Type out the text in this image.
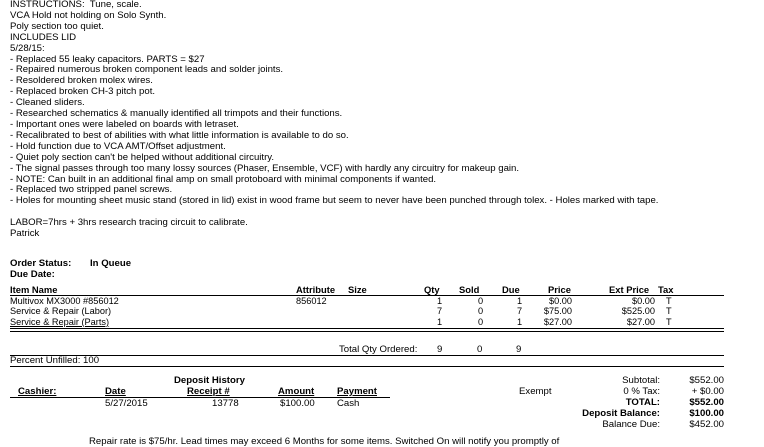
INSTRUCTIONS:  Tune, scale.
VCA Hold not holding on Solo Synth.
Poly section too quiet.
INCLUDES LID
5/28/15:
- Replaced 55 leaky capacitors. PARTS = $27
- Repaired numerous broken component leads and solder joints.
- Resoldered broken molex wires.
- Replaced broken CH-3 pitch pot.
- Cleaned sliders.
- Researched schematics & manually identified all trimpots and their functions.
- Important ones were labeled on boards with letraset.
- Recalibrated to best of abilities with what little information is available to do so.
- Hold function due to VCA AMT/Offset adjustment.
- Quiet poly section can't be helped without additional circuitry.
- The signal passes through too many lossy sources (Phaser, Ensemble, VCF) with hardly any circuitry for makeup gain.
- NOTE: Can built in an additional final amp on small protoboard with minimal components if wanted.
- Replaced two stripped panel screws.
- Holes for mounting sheet music stand (stored in lid) exist in wood frame but seem to never have been punched through tolex. - Holes marked with tape.

LABOR=7hrs + 3hrs research tracing circuit to calibrate.
Patrick
Order Status: In Queue
Due Date:
Item Name	Attribute Size	Qty Sold Due	Price	Ext Price Tax
Multivox MX3000 #856012	856012	1	0	1	$0.00	$0.00 T
Service & Repair (Labor)	7	0	7	$75.00	$525.00 T
Service & Repair (Parts)	1	0	1	$27.00	$27.00 T
Total Qty Ordered: 9	0	9
Percent Unfilled: 100
Deposit History
Cashier:	Date	Receipt #	Amount Payment
5/27/2015	13778	$100.00 Cash
Exempt
Subtotal:	$552.00
0 % Tax:	+ $0.00
TOTAL:	$552.00
Deposit Balance:	$100.00
Balance Due:	$452.00
Repair rate is $75/hr. Lead times may exceed 6 Months for some items. Switched On will notify you promptly of
